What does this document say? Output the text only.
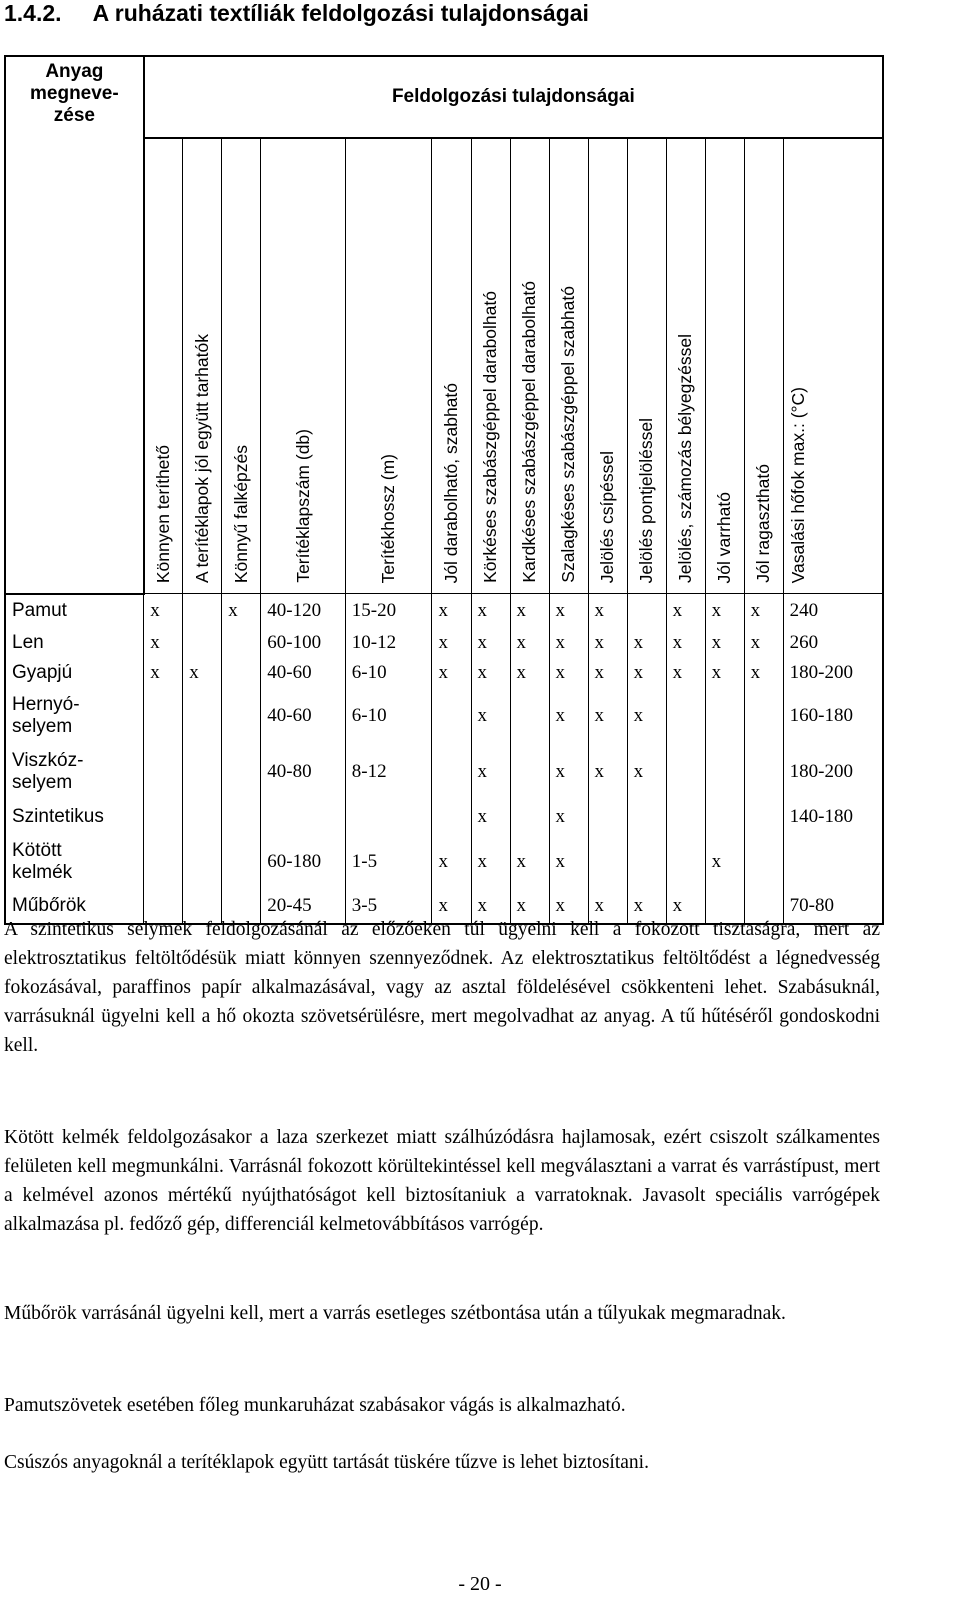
1.4.2.     A ruházati textíliák feldolgozási tulajdonságai
Anyag megneve-
zése	Feldolgozási tulajdonságai														
	Könnyen teríthető	A terítéklapok jól együtt tarhatók	Könnyű falképzés	Terítéklapszám (db)	Terítékhossz (m)	Jól darabolható, szabható	Körkéses szabászgéppel darabolható	Kardkéses szabászgéppel darabolható	Szalagkéses szabászgéppel szabható	Jelölés csípéssel	Jelölés pontjelöléssel	Jelölés, számozás bélyegzéssel	Jól varrható	Jól ragasztható	Vasalási hőfok max.: (°C)
Pamut	x		x	40-120	15-20	x	x	x	x	x		x	x	x	240
Len	x			60-100	10-12	x	x	x	x	x	x	x	x	x	260
Gyapjú	x	x		40-60	6-10	x	x	x	x	x	x	x	x	x	180-200
Hernyó-
selyem				40-60	6-10		x		x	x	x				160-180
Viszkóz-
selyem				40-80	8-12		x		x	x	x				180-200
Szintetikus							x		x						140-180
Kötött
kelmék				60-180	1-5	x	x	x	x				x		
Műbőrök				20-45	3-5	x	x	x	x	x	x	x			70-80
A szintetikus selymek feldolgozásánál az előzőeken túl ügyelni kell a fokozott tisztaságra, mert az elektrosztatikus feltöltődésük miatt könnyen szennyeződnek. Az elektrosztatikus feltöltődést a légnedvesség fokozásával, paraffinos papír alkalmazásával, vagy az asztal földelésével csökkenteni lehet. Szabásuknál, varrásuknál ügyelni kell a hő okozta szövetsérülésre, mert megolvadhat az anyag. A tű hűtéséről gondoskodni kell.
Kötött kelmék feldolgozásakor a laza szerkezet miatt szálhúzódásra hajlamosak, ezért csiszolt szálkamentes felületen kell megmunkálni. Varrásnál fokozott körültekintéssel kell megválasztani a varrat és varrástípust, mert a kelmével azonos mértékű nyújthatóságot kell biztosítaniuk a varratoknak. Javasolt speciális varrógépek alkalmazása pl. fedőző gép, differenciál kelmetovábbításos varrógép.
Műbőrök varrásánál ügyelni kell, mert a varrás esetleges szétbontása után a tűlyukak megmaradnak.
Pamutszövetek esetében főleg munkaruházat szabásakor vágás is alkalmazható.
Csúszós anyagoknál a terítéklapok együtt tartását tüskére tűzve is lehet biztosítani.
- 20 -
